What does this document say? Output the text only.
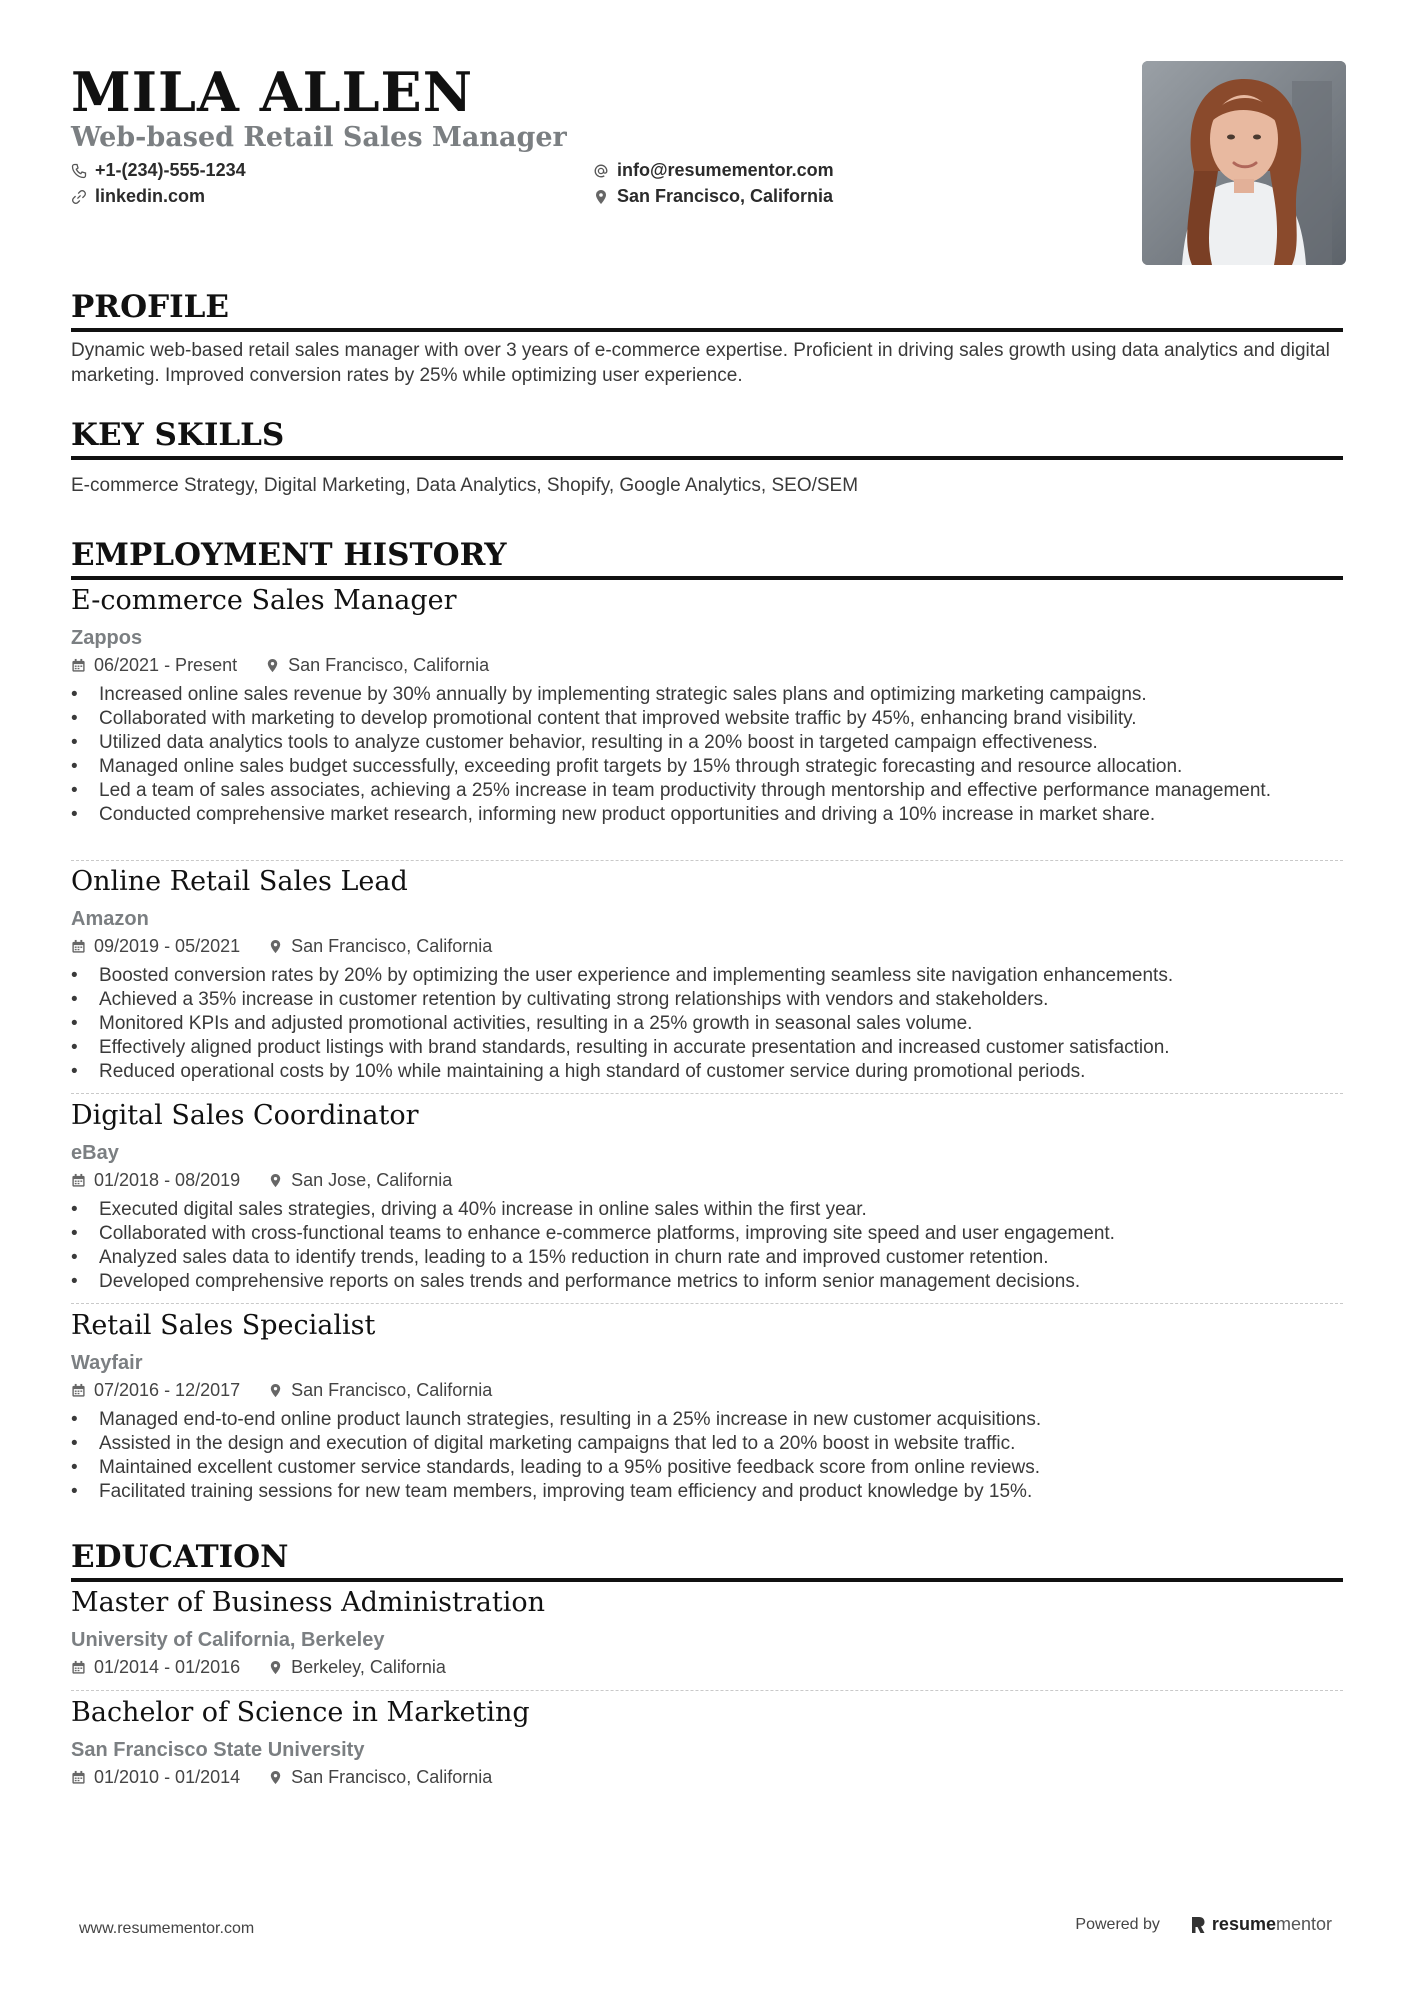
MILA ALLEN
Web-based Retail Sales Manager
+1-(234)-555-1234	info@resumementor.com
linkedin.com	San Francisco, California
PROFILE
Dynamic web-based retail sales manager with over 3 years of e-commerce expertise. Proficient in driving sales growth using data analytics and digital marketing. Improved conversion rates by 25% while optimizing user experience.
KEY SKILLS
E-commerce Strategy, Digital Marketing, Data Analytics, Shopify, Google Analytics, SEO/SEM
EMPLOYMENT HISTORY
E-commerce Sales Manager
Zappos
06/2021 - Present	San Francisco, California
• Increased online sales revenue by 30% annually by implementing strategic sales plans and optimizing marketing campaigns.
• Collaborated with marketing to develop promotional content that improved website traffic by 45%, enhancing brand visibility.
• Utilized data analytics tools to analyze customer behavior, resulting in a 20% boost in targeted campaign effectiveness.
• Managed online sales budget successfully, exceeding profit targets by 15% through strategic forecasting and resource allocation.
• Led a team of sales associates, achieving a 25% increase in team productivity through mentorship and effective performance management.
• Conducted comprehensive market research, informing new product opportunities and driving a 10% increase in market share.
Online Retail Sales Lead
Amazon
09/2019 - 05/2021	San Francisco, California
• Boosted conversion rates by 20% by optimizing the user experience and implementing seamless site navigation enhancements.
• Achieved a 35% increase in customer retention by cultivating strong relationships with vendors and stakeholders.
• Monitored KPIs and adjusted promotional activities, resulting in a 25% growth in seasonal sales volume.
• Effectively aligned product listings with brand standards, resulting in accurate presentation and increased customer satisfaction.
• Reduced operational costs by 10% while maintaining a high standard of customer service during promotional periods.
Digital Sales Coordinator
eBay
01/2018 - 08/2019	San Jose, California
• Executed digital sales strategies, driving a 40% increase in online sales within the first year.
• Collaborated with cross-functional teams to enhance e-commerce platforms, improving site speed and user engagement.
• Analyzed sales data to identify trends, leading to a 15% reduction in churn rate and improved customer retention.
• Developed comprehensive reports on sales trends and performance metrics to inform senior management decisions.
Retail Sales Specialist
Wayfair
07/2016 - 12/2017	San Francisco, California
• Managed end-to-end online product launch strategies, resulting in a 25% increase in new customer acquisitions.
• Assisted in the design and execution of digital marketing campaigns that led to a 20% boost in website traffic.
• Maintained excellent customer service standards, leading to a 95% positive feedback score from online reviews.
• Facilitated training sessions for new team members, improving team efficiency and product knowledge by 15%.
EDUCATION
Master of Business Administration
University of California, Berkeley
01/2014 - 01/2016	Berkeley, California
Bachelor of Science in Marketing
San Francisco State University
01/2010 - 01/2014	San Francisco, California
www.resumementor.com	Powered by	resume mentor
